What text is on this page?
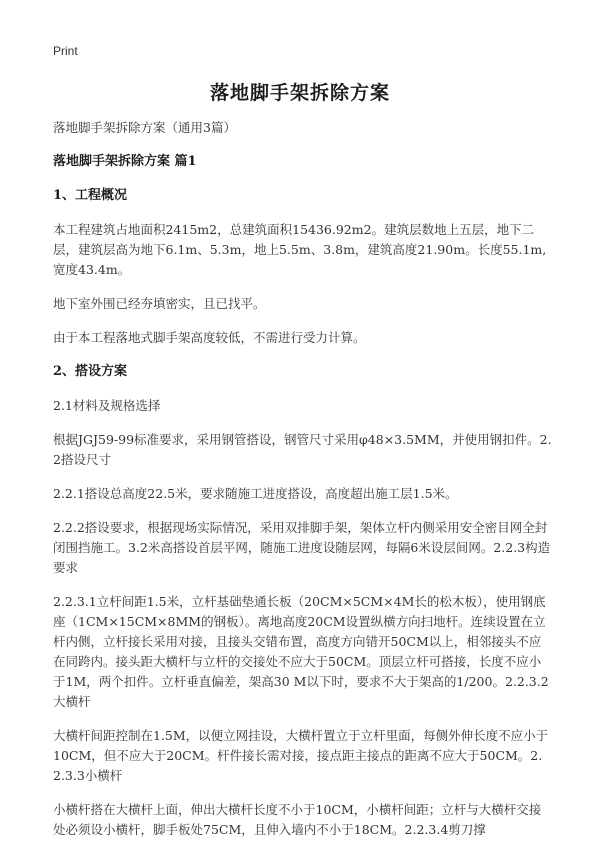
Print
落地脚手架拆除方案

落地脚手架拆除方案（通用3篇）

落地脚手架拆除方案 篇1

1、工程概况

本工程建筑占地面积2415m2，总建筑面积15436.92m2。建筑层数地上五层，地下二层，建筑层高为地下6.1m、5.3m，地上5.5m、3.8m，建筑高度21.90m。长度55.1m,宽度43.4m。

地下室外围已经夯填密实，且已找平。

由于本工程落地式脚手架高度较低，不需进行受力计算。

2、搭设方案

2.1材料及规格选择

根据JGJ59-99标准要求，采用钢管搭设，钢管尺寸采用φ48×3.5MM，并使用钢扣件。2.2搭设尺寸

2.2.1搭设总高度22.5米，要求随施工进度搭设，高度超出施工层1.5米。

2.2.2搭设要求，根据现场实际情况，采用双排脚手架，架体立杆内侧采用安全密目网全封闭围挡施工。3.2米高搭设首层平网，随施工进度设随层网，每隔6米设层间网。2.2.3构造要求

2.2.3.1立杆间距1.5米，立杆基础垫通长板（20CM×5CM×4M长的松木板），使用钢底座（1CM×15CM×8MM的钢板）。离地高度20CM设置纵横方向扫地杆。连续设置在立杆内侧，立杆接长采用对接，且接头交错布置，高度方向错开50CM以上，相邻接头不应在同跨内。接头距大横杆与立杆的交接处不应大于50CM。顶层立杆可搭接，长度不应小于1M，两个扣件。立杆垂直偏差，架高30 M以下时，要求不大于架高的1/200。2.2.3.2大横杆

大横杆间距控制在1.5M，以便立网挂设，大横杆置立于立杆里面，每侧外伸长度不应小于10CM，但不应大于20CM。杆件接长需对接，接点距主接点的距离不应大于50CM。2.2.3.3小横杆

小横杆搭在大横杆上面，伸出大横杆长度不小于10CM，小横杆间距；立杆与大横杆交接处必须设小横杆，脚手板处75CM，且伸入墙内不小于18CM。2.2.3.4剪刀撑
